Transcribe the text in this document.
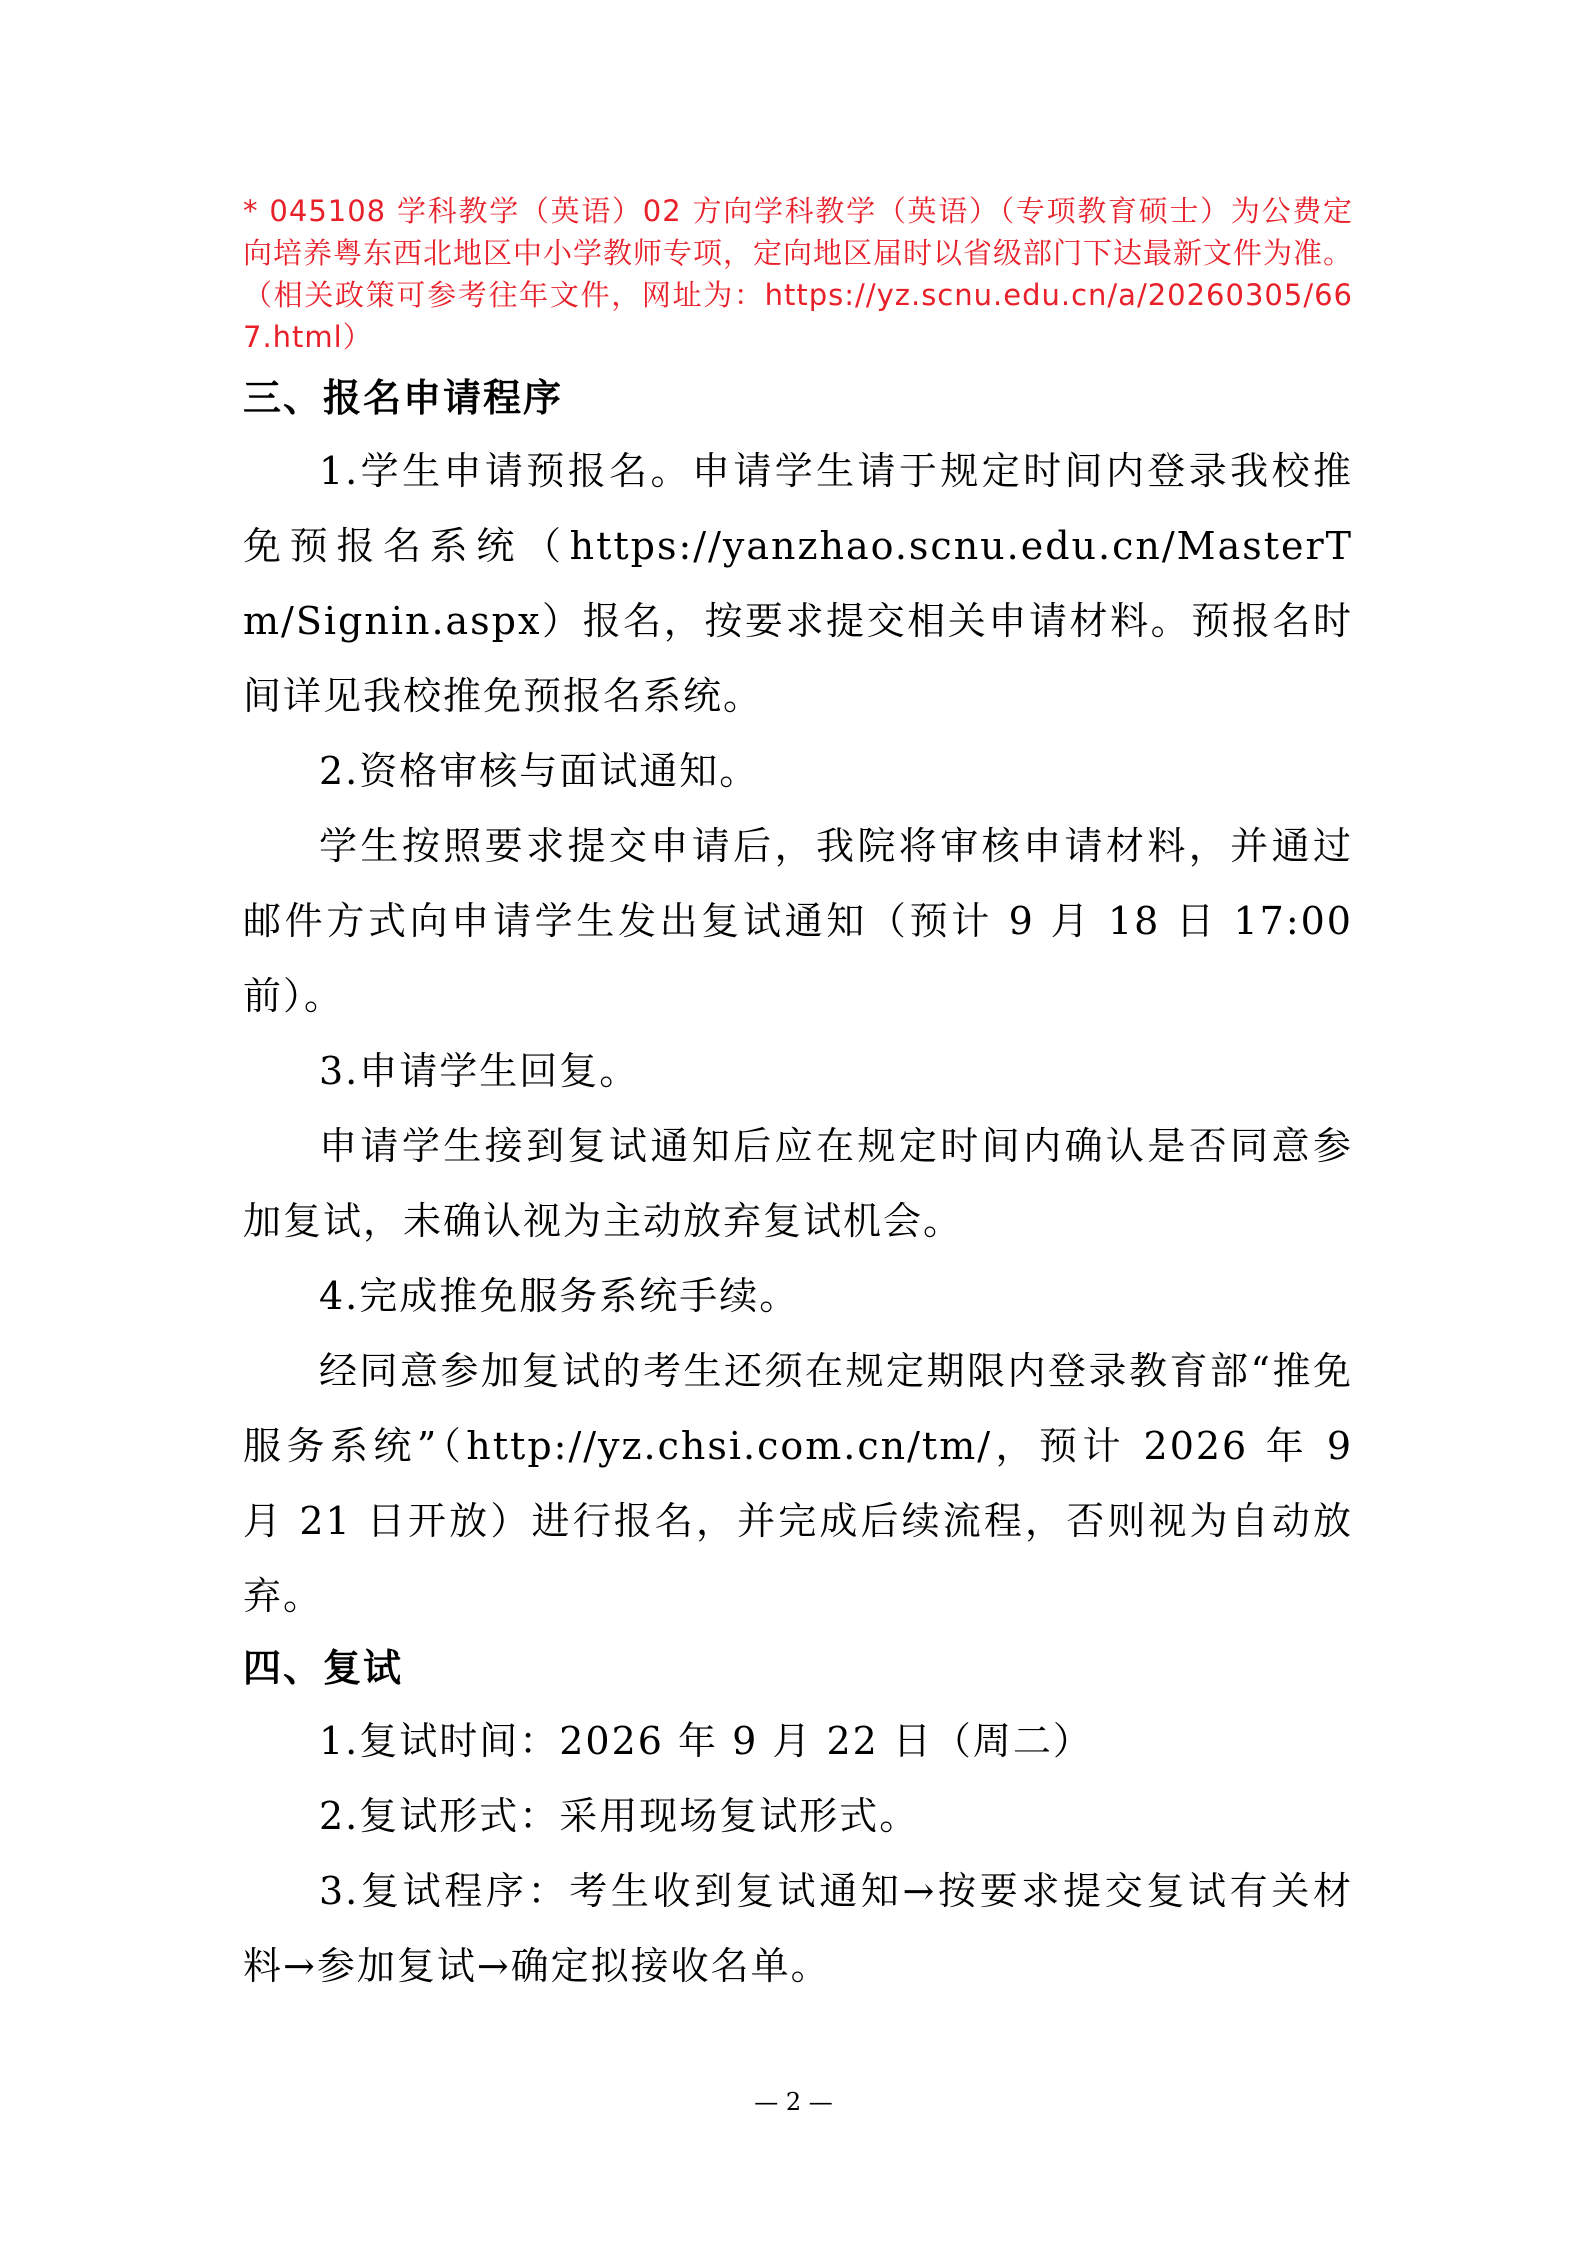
* 045108 学科教学（英语）02 方向学科教学（英语）（专项教育硕士）为公费定向培养粤东西北地区中小学教师专项，定向地区届时以省级部门下达最新文件为准。（相关政策可参考往年文件，网址为：https://yz.scnu.edu.cn/a/20260305/667.html）

三、报名申请程序

1.学生申请预报名。申请学生请于规定时间内登录我校推免预报名系统（https://yanzhao.scnu.edu.cn/MasterTm/Signin.aspx）报名，按要求提交相关申请材料。预报名时间详见我校推免预报名系统。

2.资格审核与面试通知。

学生按照要求提交申请后，我院将审核申请材料，并通过邮件方式向申请学生发出复试通知（预计 9 月 18 日 17:00 前）。

3.申请学生回复。

申请学生接到复试通知后应在规定时间内确认是否同意参加复试，未确认视为主动放弃复试机会。

4.完成推免服务系统手续。

经同意参加复试的考生还须在规定期限内登录教育部“推免服务系统”（http://yz.chsi.com.cn/tm/，预计 2026 年 9 月 21 日开放）进行报名，并完成后续流程，否则视为自动放弃。

四、复试

1.复试时间：2026 年 9 月 22 日（周二）

2.复试形式：采用现场复试形式。

3.复试程序：考生收到复试通知→按要求提交复试有关材料→参加复试→确定拟接收名单。

— 2 —
